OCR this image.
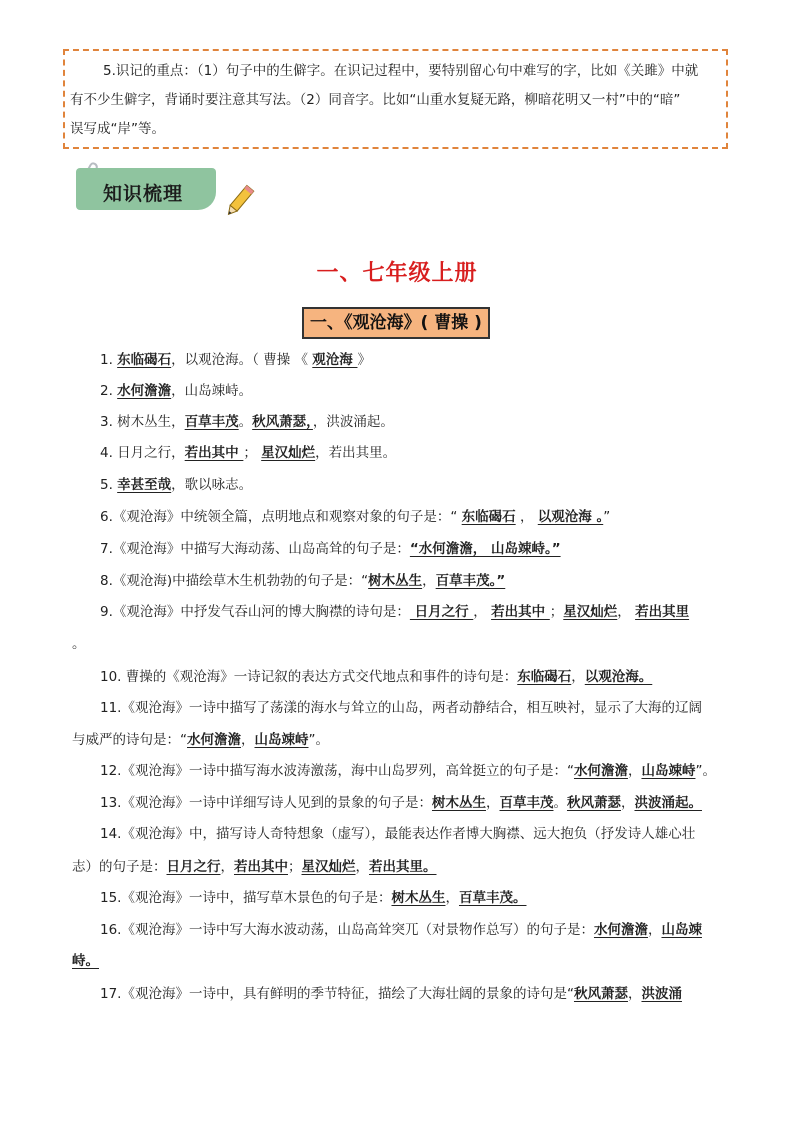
5.识记的重点：（1）句子中的生僻字。在识记过程中，要特别留心句中难写的字，比如《关雎》中就
有不少生僻字，背诵时要注意其写法。（2）同音字。比如“山重水复疑无路，柳暗花明又一村”中的“暗”
误写成“岸”等。
知识梳理
一、七年级上册
一、《观沧海》( 曹操 )
1. 东临碣石，以观沧海。（ 曹操 《 观沧海 》
2. 水何澹澹，山岛竦峙。
3. 树木丛生，百草丰茂。秋风萧瑟，，洪波涌起。
4. 日月之行，若出其中 ； 星汉灿烂，若出其里。
5. 幸甚至哉，歌以咏志。
6.《观沧海》中统领全篇，点明地点和观察对象的句子是：“ 东临碣石 ， 以观沧海 。”
7.《观沧海》中描写大海动荡、山岛高耸的句子是：“水何澹澹， 山岛竦峙。”
8.《观沧海)中描绘草木生机勃勃的句子是：“树木丛生，百草丰茂。”
9.《观沧海》中抒发气吞山河的博大胸襟的诗句是： 日月之行 ， 若出其中 ；星汉灿烂， 若出其里
。
10. 曹操的《观沧海》一诗记叙的表达方式交代地点和事件的诗句是：东临碣石，以观沧海。
11.《观沧海》一诗中描写了荡漾的海水与耸立的山岛，两者动静结合，相互映衬，显示了大海的辽阔
与威严的诗句是：“水何澹澹，山岛竦峙”。
12.《观沧海》一诗中描写海水波涛激荡，海中山岛罗列，高耸挺立的句子是：“水何澹澹，山岛竦峙”。
13.《观沧海》一诗中详细写诗人见到的景象的句子是：树木丛生，百草丰茂。秋风萧瑟，洪波涌起。
14.《观沧海》中，描写诗人奇特想象（虚写），最能表达作者博大胸襟、远大抱负（抒发诗人雄心壮
志）的句子是：日月之行，若出其中；星汉灿烂，若出其里。
15.《观沧海》一诗中，描写草木景色的句子是：树木丛生，百草丰茂。
16.《观沧海》一诗中写大海水波动荡，山岛高耸突兀（对景物作总写）的句子是：水何澹澹，山岛竦
峙。
17.《观沧海》一诗中，具有鲜明的季节特征，描绘了大海壮阔的景象的诗句是“秋风萧瑟，洪波涌
